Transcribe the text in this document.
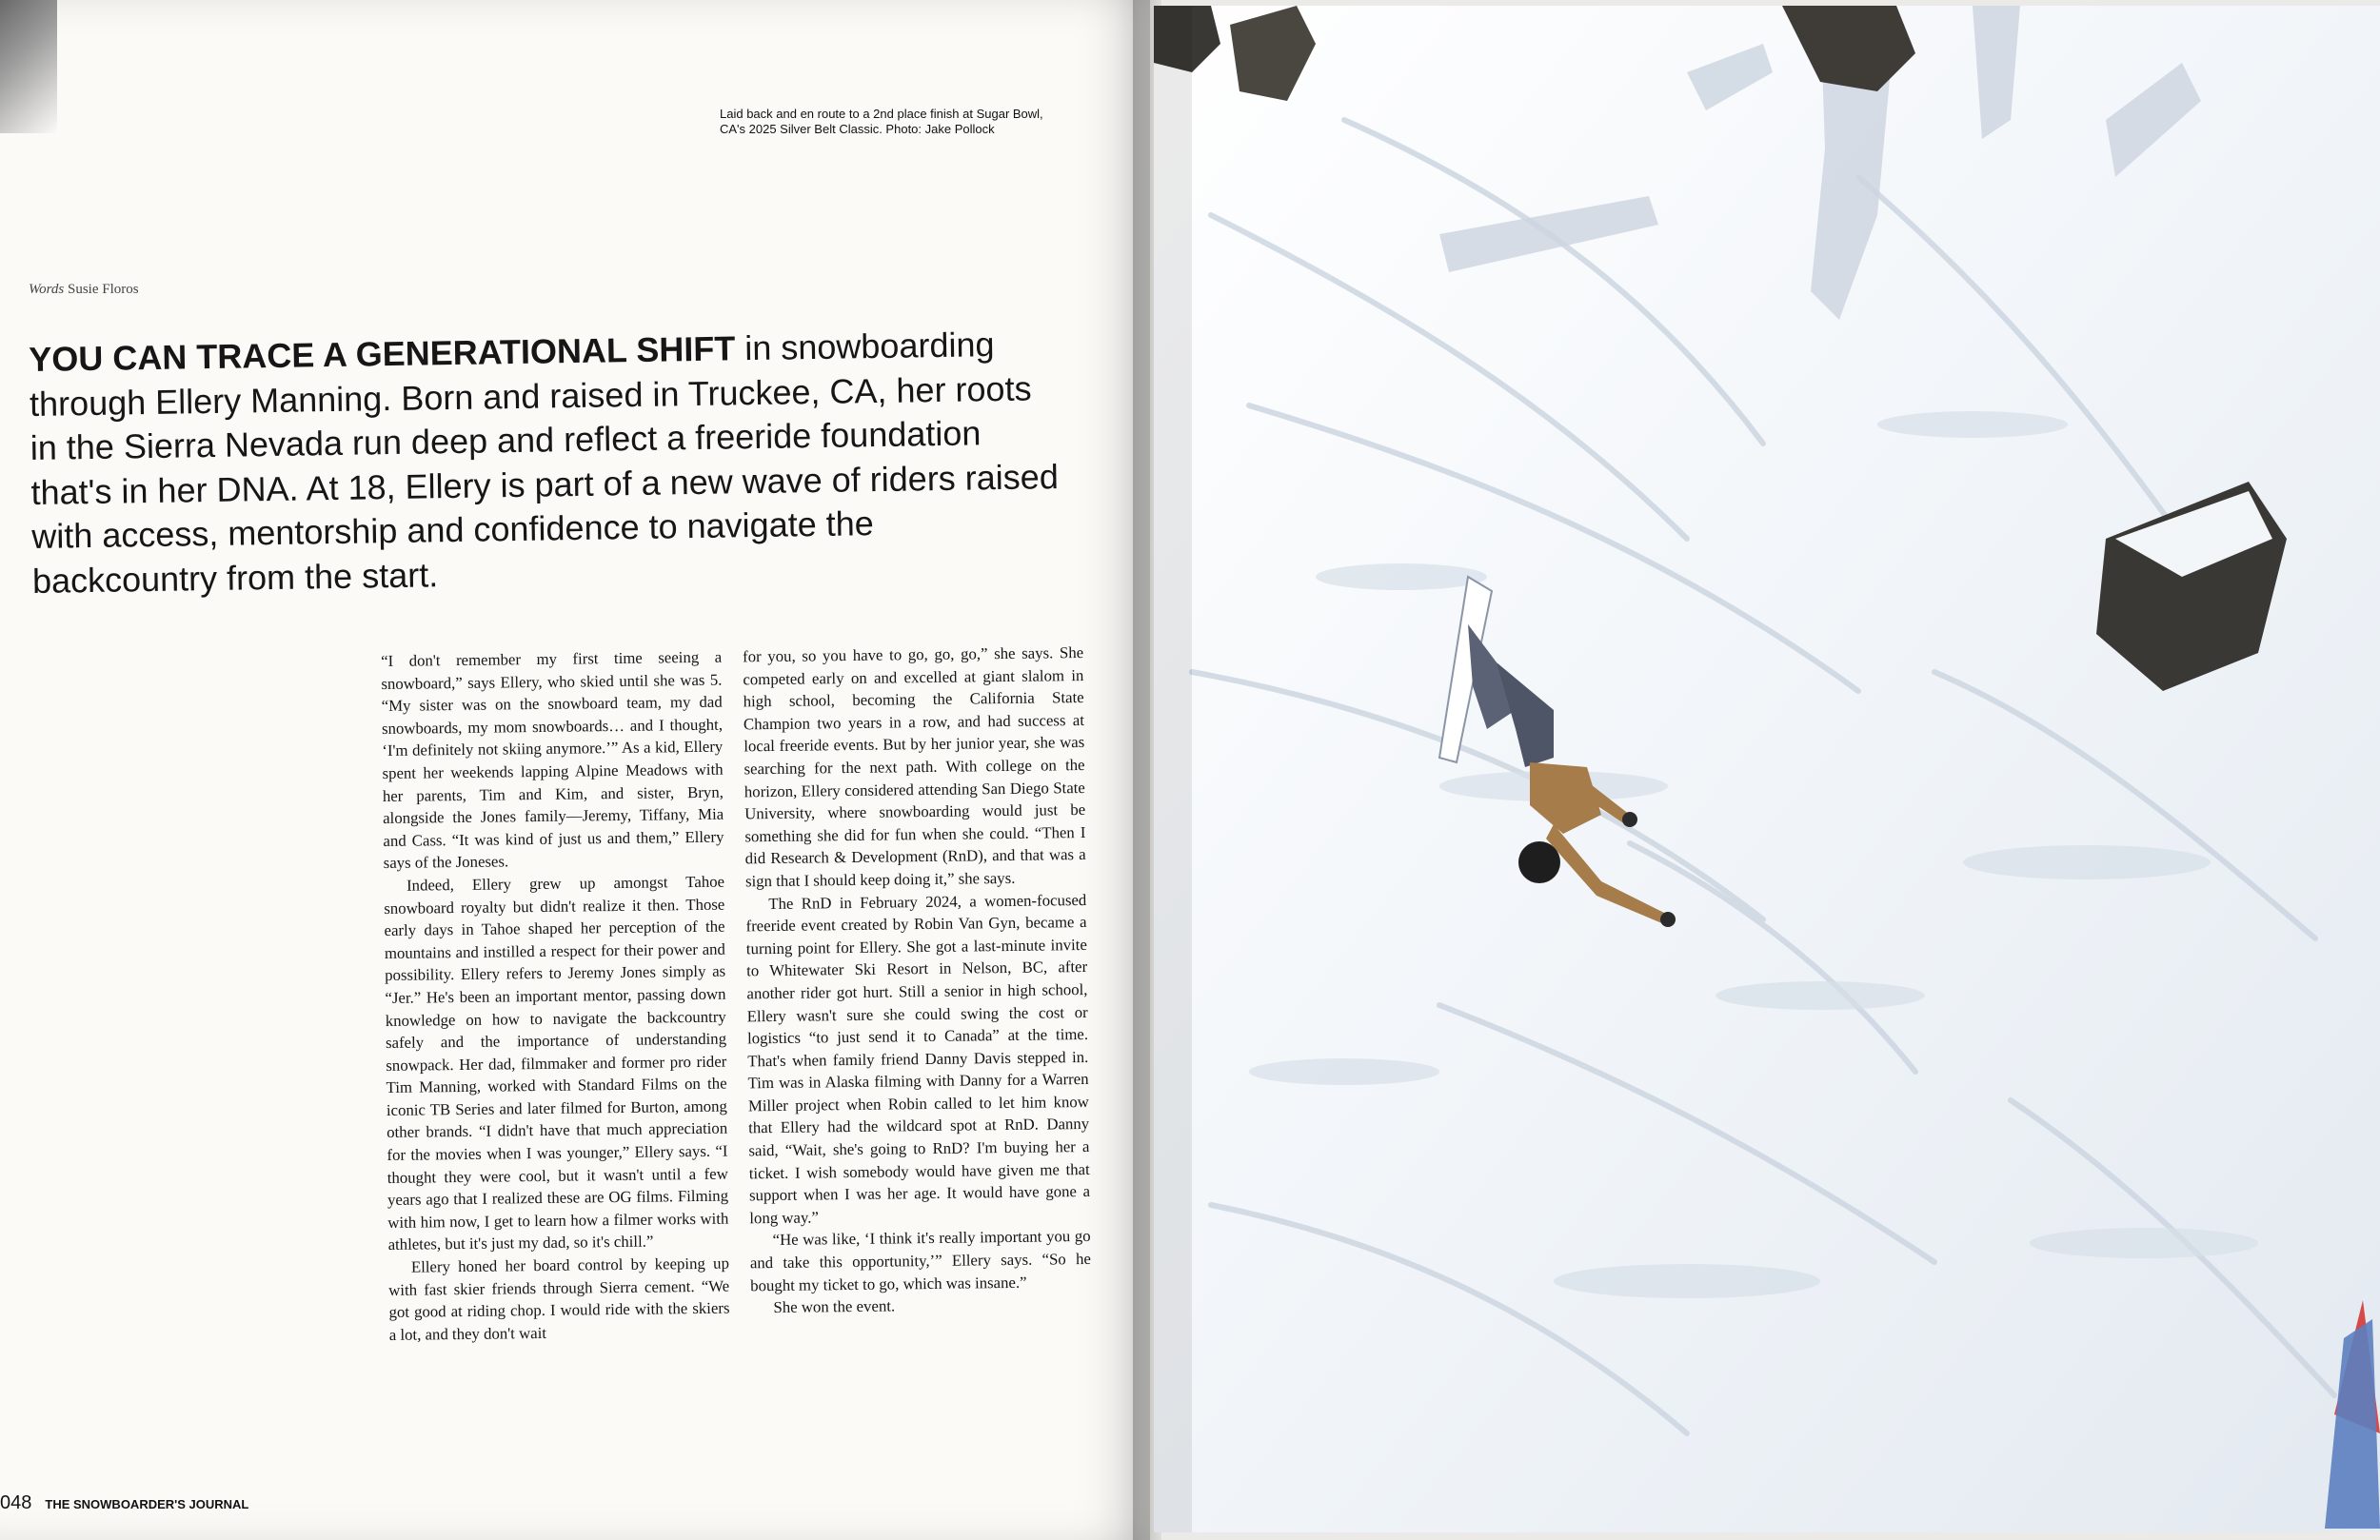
Laid back and en route to a 2nd place finish at Sugar Bowl, CA's 2025 Silver Belt Classic. Photo: Jake Pollock
Words Susie Floros
YOU CAN TRACE A GENERATIONAL SHIFT in snowboarding through Ellery Manning. Born and raised in Truckee, CA, her roots in the Sierra Nevada run deep and reflect a freeride foundation that's in her DNA. At 18, Ellery is part of a new wave of riders raised with access, mentorship and confidence to navigate the backcountry from the start.

“I don't remember my first time seeing a snowboard,” says Ellery, who skied until she was 5. “My sister was on the snowboard team, my dad snowboards, my mom snowboards… and I thought, ‘I'm definitely not skiing anymore.’” As a kid, Ellery spent her weekends lapping Alpine Meadows with her parents, Tim and Kim, and sister, Bryn, alongside the Jones family—Jeremy, Tiffany, Mia and Cass. “It was kind of just us and them,” Ellery says of the Joneses.

Indeed, Ellery grew up amongst Tahoe snowboard royalty but didn't realize it then. Those early days in Tahoe shaped her perception of the mountains and instilled a respect for their power and possibility. Ellery refers to Jeremy Jones simply as “Jer.” He's been an important mentor, passing down knowledge on how to navigate the backcountry safely and the importance of understanding snowpack. Her dad, filmmaker and former pro rider Tim Manning, worked with Standard Films on the iconic TB Series and later filmed for Burton, among other brands. “I didn't have that much appreciation for the movies when I was younger,” Ellery says. “I thought they were cool, but it wasn't until a few years ago that I realized these are OG films. Filming with him now, I get to learn how a filmer works with athletes, but it's just my dad, so it's chill.”

Ellery honed her board control by keeping up with fast skier friends through Sierra cement. “We got good at riding chop. I would ride with the skiers a lot, and they don't wait

for you, so you have to go, go, go,” she says. She competed early on and excelled at giant slalom in high school, becoming the California State Champion two years in a row, and had success at local freeride events. But by her junior year, she was searching for the next path. With college on the horizon, Ellery considered attending San Diego State University, where snowboarding would just be something she did for fun when she could. “Then I did Research & Development (RnD), and that was a sign that I should keep doing it,” she says.

The RnD in February 2024, a women-focused freeride event created by Robin Van Gyn, became a turning point for Ellery. She got a last-minute invite to Whitewater Ski Resort in Nelson, BC, after another rider got hurt. Still a senior in high school, Ellery wasn't sure she could swing the cost or logistics “to just send it to Canada” at the time. That's when family friend Danny Davis stepped in. Tim was in Alaska filming with Danny for a Warren Miller project when Robin called to let him know that Ellery had the wildcard spot at RnD. Danny said, “Wait, she's going to RnD? I'm buying her a ticket. I wish somebody would have given me that support when I was her age. It would have gone a long way.”

“He was like, ‘I think it's really important you go and take this opportunity,’” Ellery says. “So he bought my ticket to go, which was insane.”

She won the event.

048 THE SNOWBOARDER'S JOURNAL
